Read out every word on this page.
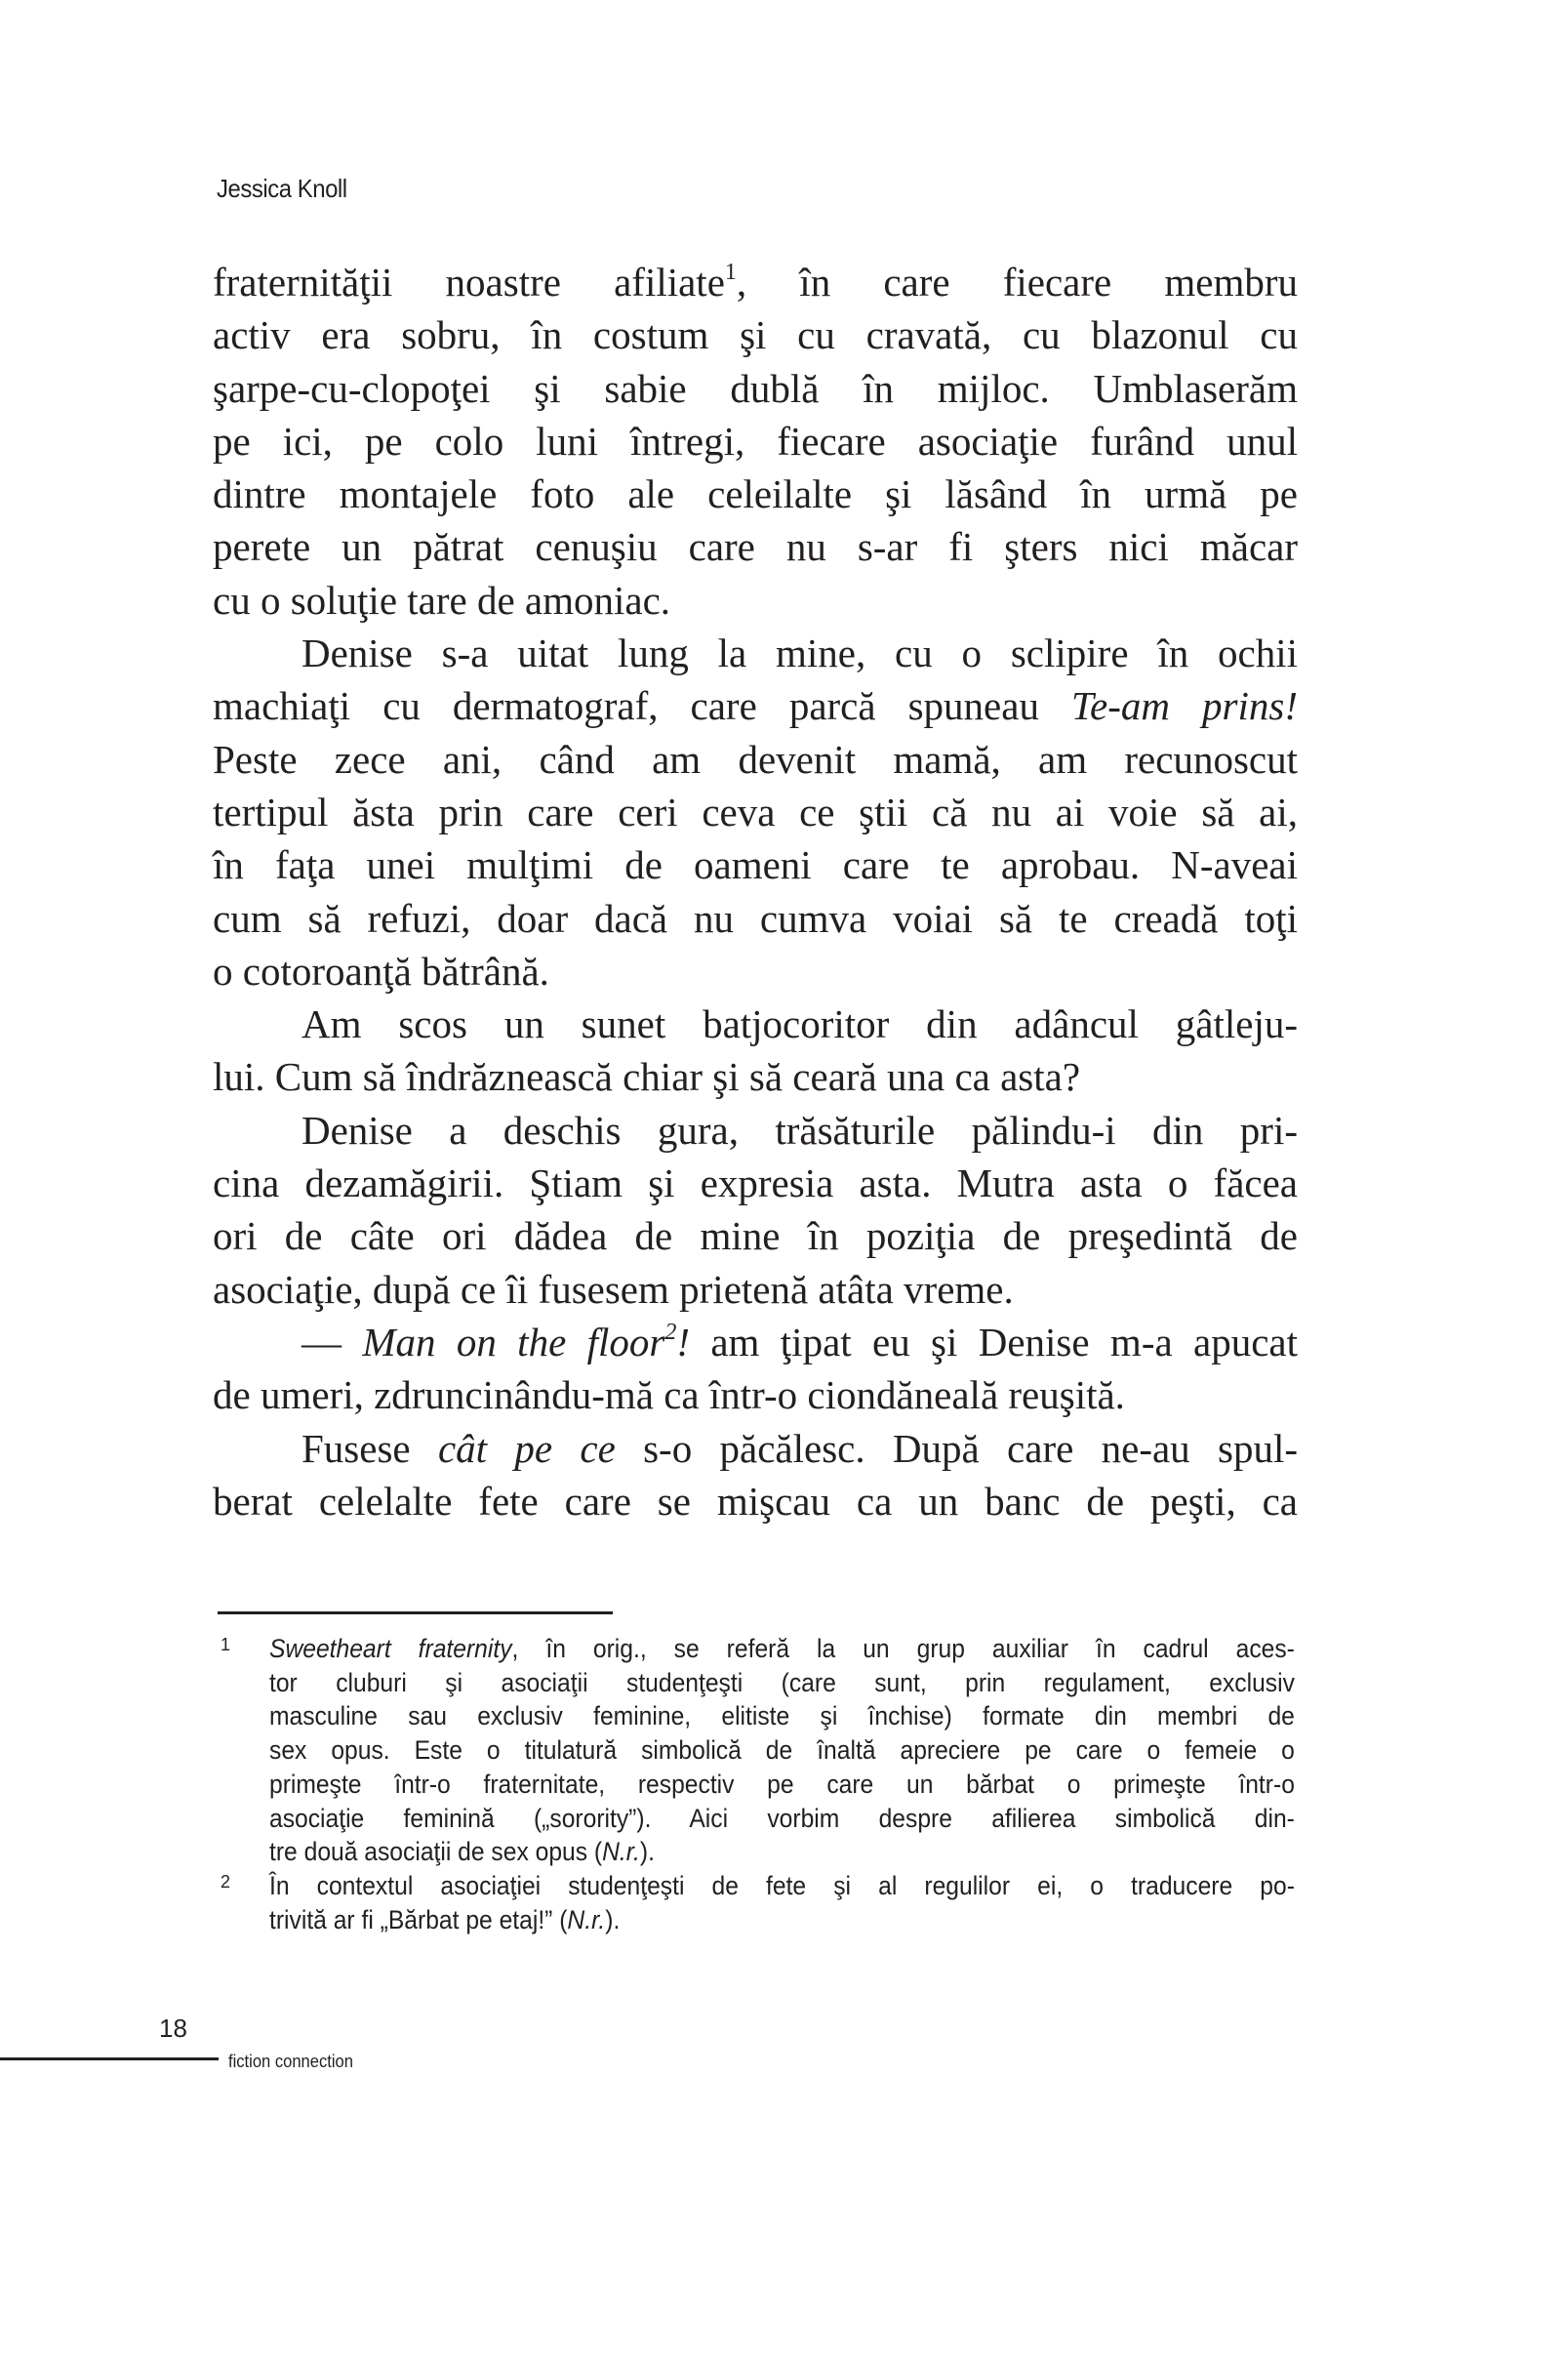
Jessica Knoll
fraternităţii noastre afiliate$^1$, în care fiecare membru
activ era sobru, în costum şi cu cravată, cu blazonul cu
şarpe-cu-clopoţei şi sabie dublă în mijloc. Umblaserăm
pe ici, pe colo luni întregi, fiecare asociaţie furând unul
dintre montajele foto ale celeilalte şi lăsând în urmă pe
perete un pătrat cenuşiu care nu s-ar fi şters nici măcar
cu o soluţie tare de amoniac.
Denise s-a uitat lung la mine, cu o sclipire în ochii
machiaţi cu dermatograf, care parcă spuneau Te-am prins!
Peste zece ani, când am devenit mamă, am recunoscut
tertipul ăsta prin care ceri ceva ce ştii că nu ai voie să ai,
în faţa unei mulţimi de oameni care te aprobau. N-aveai
cum să refuzi, doar dacă nu cumva voiai să te creadă toţi
o cotoroanţă bătrână.
Am scos un sunet batjocoritor din adâncul gâtleju-
lui. Cum să îndrăznească chiar şi să ceară una ca asta?
Denise a deschis gura, trăsăturile pălindu-i din pri-
cina dezamăgirii. Ştiam şi expresia asta. Mutra asta o făcea
ori de câte ori dădea de mine în poziţia de preşedintă de
asociaţie, după ce îi fusesem prietenă atâta vreme.
— Man on the floor$^2$! am ţipat eu şi Denise m-a apucat
de umeri, zdruncinându-mă ca într-o ciondăneală reuşită.
Fusese cât pe ce s-o păcălesc. După care ne-au spul-
berat celelalte fete care se mişcau ca un banc de peşti, ca
1 Sweetheart fraternity, în orig., se referă la un grup auxiliar în cadrul aces-
tor cluburi şi asociaţii studenţeşti (care sunt, prin regulament, exclusiv
masculine sau exclusiv feminine, elitiste şi închise) formate din membri de
sex opus. Este o titulatură simbolică de înaltă apreciere pe care o femeie o
primeşte într-o fraternitate, respectiv pe care un bărbat o primeşte într-o
asociaţie feminină („sorority”). Aici vorbim despre afilierea simbolică din-
tre două asociaţii de sex opus (N.r.).
2 În contextul asociaţiei studenţeşti de fete şi al regulilor ei, o traducere po-
trivită ar fi „Bărbat pe etaj!” (N.r.).
18
fiction connection
